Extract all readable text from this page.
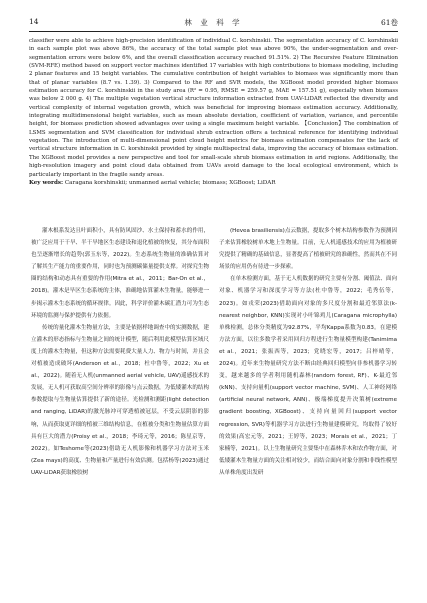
14	林 业 科 学	61卷

classifier were able to achieve high-precision identification of individual C. korshinskii. The segmentation accuracy of C. korshinskii in each sample plot was above 86%, the accuracy of the total sample plot was above 90%, the under-segmentation and over-segmentation errors were below 6%, and the overall classification accuracy reached 91.51%. 2) The Recursive Feature Elimination (SVM-RFE) method based on support vector machines identified 17 variables with high contributions to biomass modeling, including 2 planar features and 15 height variables. The cumulative contribution of height variables to biomass was significantly more than that of planar variables (8.7 vs. 1.39). 3) Compared to the RF and SVR models, the XGBoost model provided higher biomass estimation accuracy for C. korshinskii in the study area (R² = 0.95, RMSE = 259.57 g, MAE = 157.51 g), especially when biomass was below 2 000 g. 4) The multiple vegetation vertical structure information extracted from UAV-LiDAR reflected the diversity and vertical complexity of internal vegetation growth, which was beneficial for improving biomass estimation accuracy. Additionally, integrating multidimensional height variables, such as mean absolute deviation, coefficient of variation, variance, and percentile height, for biomass prediction showed advantages over using a single maximum height variable. 【Conclusion】The combination of LSMS segmentation and SVM classification for individual shrub extraction offers a technical reference for identifying individual vegetation. The introduction of multi-dimensional point cloud height metrics for biomass estimation compensates for the lack of vertical structure information in C. korshinskii provided by single multispectral data, improving the accuracy of biomass estimation. The XGBoost model provides a new perspective and tool for small-scale shrub biomass estimation in arid regions. Additionally, the high-resolution imagery and point cloud data obtained from UAVs avoid damage to the local ecological environment, which is particularly important in the fragile sandy areas.

Key words: Caragana korshinskii; unmanned aerial vehicle; biomass; XGBoost; LiDAR

灌木根系发达且叶面积小，具有防风固沙、水土保持和蓄水的作用，被广泛应用于干旱、半干旱地区生态建设和退化植被的恢复，其分布面积也呈逐渐增长的趋势(郭玉东等，2022)。生态系统生物量的准确估算对了解其生产能力的重要作用，同时也为预测碳储量提供支撑。对探究生物圈的结构和动态具有重要的作用(Mitra et al.，2011；Bar-On et al.，2018)。灌木是旱区生态系统的主体，准确地估算灌木生物量，能够进一步揭示灌木生态系统的循环规律。因此，科学评价灌木碳汇潜力可为生态环境的监测与保护提供有力依据。

传统的量化灌木生物量方法，主要是依据样地调查中的实测数据，建立灌木的形态指标与生物量之间的统计模型，随后利用此模型估算区域尺度上的灌木生物量，但这种方法需要耗费大量人力、物力与时间，并且会对植被造成破坏(Anderson et al.，2018；杜中鲁等，2022；Xu et al.，2022)。随着无人机(unmanned aerial vehicle, UAV)遥感技术的发展，无人机可获取高空间分辨率的影像与点云数据，为低矮灌木的结构参数提取与生物量估算提供了新的途径。光检测和测距(light detection and ranging, LiDAR)的激光脉冲可穿透植被冠层，不受云层阴影的影响，从而获取更详细的植被三维结构信息，在植被分类和生物量估算方面具有巨大的潜力(Proisy et al.，2018；李琦元等，2016；陈星京等，2022)。如Teshome等(2023)借助无人机影像和机器学习方法对玉米(Zea mays)的高度、生物量和产量进行有效估测。包括杨等(2023)通过UAV-LiDAR获取橡胶树

(Hevea brasiliensis)点云数据，提取多个树木结构参数作为预测因子来估算橡胶树单木地上生物量。目前，无人机遥感技术的应用为植被研究提供了精确的基础信息，显著提高了植被研究的准确性，然而其在不同场景的应用仍有待进一步探索。

在单木检测方面，基于无人机数据的研究主要有分割、阈值法、面向对象、机器学习和深度学习等方法(杜中鲁等，2022；毛秀伍等，2023)。如戎荣(2023)借助面向对象的多尺度分割和最近邻算法(k-nearest neighbor, KNN)实现对小叶锦鸡儿(Caragana microphylla)单株检测，总体分类精度为92.87%，平均Kappa系数为0.83。在建模方法方面，以往多数学者采用回归方程进行生物量模型构建(Tanimima et al.，2021；张振西等，2023；党晓宏等，2017；吕梓晴等，2024)。近年来生物量研究方法不断由经典回归模型向非参机器学习转变，越来越多的学者利用随机森林(random forest, RF)、K-最近邻(kNN)、支持向量机(support vector machine, SVM)、人工神经网络(artificial neural network, ANN)、极端梯度提升决策树(extreme gradient boosting, XGBoost)、支持向量回归(support vector regression, SVR)等机器学习方法进行生物量建模研究，均取得了较好的效果(高宏元等，2021；王婷等，2023；Morais et al.，2021；丁家楠等，2021)。以上生物量研究主要集中在森林乔木和农作物方面，对低矮灌木生物量方面的关注相对较少，而结合面向对象分割和非线性模型从单株角度出发研
